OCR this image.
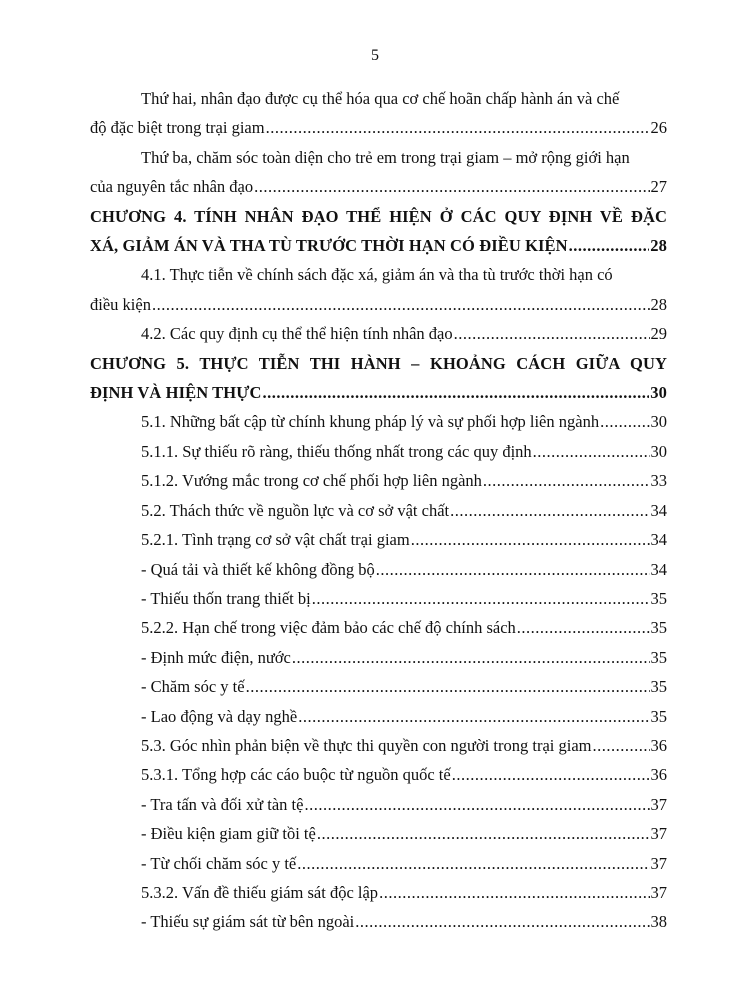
5
Thứ hai, nhân đạo được cụ thể hóa qua cơ chế hoãn chấp hành án và chế
độ đặc biệt trong trại giam .....	26
Thứ ba, chăm sóc toàn diện cho trẻ em trong trại giam – mở rộng giới hạn
của nguyên tắc nhân đạo .....	27
CHƯƠNG 4. TÍNH NHÂN ĐẠO THỂ HIỆN Ở CÁC QUY ĐỊNH VỀ ĐẶC
XÁ, GIẢM ÁN VÀ THA TÙ TRƯỚC THỜI HẠN CÓ ĐIỀU KIỆN .....	28
4.1. Thực tiễn về chính sách đặc xá, giảm án và tha tù trước thời hạn có
điều kiện .....	28
4.2. Các quy định cụ thể thể hiện tính nhân đạo .....	29
CHƯƠNG 5. THỰC TIỄN THI HÀNH – KHOẢNG CÁCH GIỮA QUY
ĐỊNH VÀ HIỆN THỰC .....	30
5.1. Những bất cập từ chính khung pháp lý và sự phối hợp liên ngành .....	30
5.1.1. Sự thiếu rõ ràng, thiếu thống nhất trong các quy định .....	30
5.1.2. Vướng mắc trong cơ chế phối hợp liên ngành .....	33
5.2. Thách thức về nguồn lực và cơ sở vật chất .....	34
5.2.1. Tình trạng cơ sở vật chất trại giam .....	34
- Quá tải và thiết kế không đồng bộ .....	34
- Thiếu thốn trang thiết bị .....	35
5.2.2. Hạn chế trong việc đảm bảo các chế độ chính sách .....	35
- Định mức điện, nước .....	35
- Chăm sóc y tế .....	35
- Lao động và dạy nghề .....	35
5.3. Góc nhìn phản biện về thực thi quyền con người trong trại giam .....	36
5.3.1. Tổng hợp các cáo buộc từ nguồn quốc tế .....	36
- Tra tấn và đối xử tàn tệ .....	37
- Điều kiện giam giữ tồi tệ .....	37
- Từ chối chăm sóc y tế .....	37
5.3.2. Vấn đề thiếu giám sát độc lập .....	37
- Thiếu sự giám sát từ bên ngoài .....	38
